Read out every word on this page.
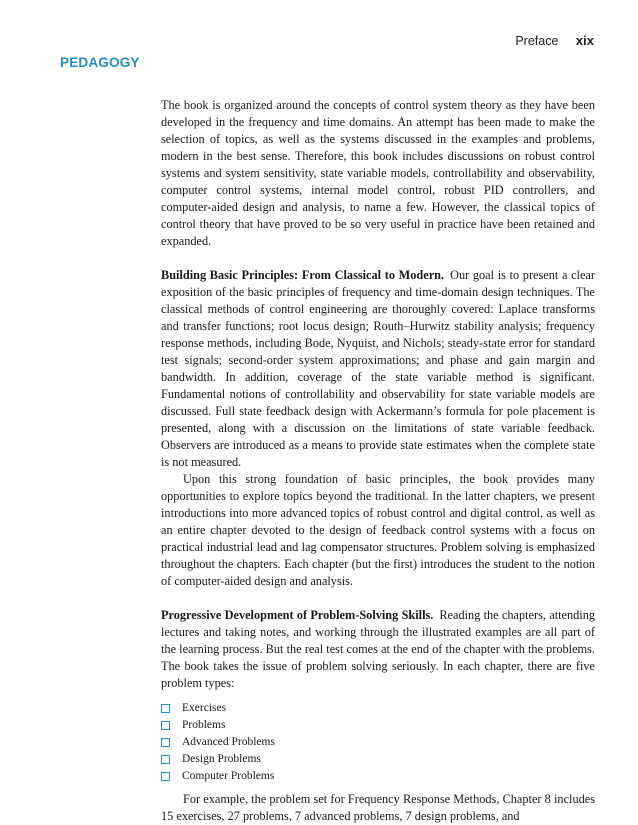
Preface xix
PEDAGOGY

The book is organized around the concepts of control system theory as they have been developed in the frequency and time domains. An attempt has been made to make the selection of topics, as well as the systems discussed in the examples and problems, modern in the best sense. Therefore, this book includes discussions on robust control systems and system sensitivity, state variable models, controllability and observability, computer control systems, internal model control, robust PID controllers, and computer-aided design and analysis, to name a few. However, the classical topics of control theory that have proved to be so very useful in practice have been retained and expanded.

Building Basic Principles: From Classical to Modern. Our goal is to present a clear exposition of the basic principles of frequency and time-domain design techniques. The classical methods of control engineering are thoroughly covered: Laplace transforms and transfer functions; root locus design; Routh–Hurwitz stability analysis; frequency response methods, including Bode, Nyquist, and Nichols; steady-state error for standard test signals; second-order system approximations; and phase and gain margin and bandwidth. In addition, coverage of the state variable method is significant. Fundamental notions of controllability and observability for state variable models are discussed. Full state feedback design with Ackermann’s formula for pole placement is presented, along with a discussion on the limitations of state variable feedback. Observers are introduced as a means to provide state estimates when the complete state is not measured.

Upon this strong foundation of basic principles, the book provides many opportunities to explore topics beyond the traditional. In the latter chapters, we present introductions into more advanced topics of robust control and digital control, as well as an entire chapter devoted to the design of feedback control systems with a focus on practical industrial lead and lag compensator structures. Problem solving is emphasized throughout the chapters. Each chapter (but the first) introduces the student to the notion of computer-aided design and analysis.

Progressive Development of Problem-Solving Skills. Reading the chapters, attending lectures and taking notes, and working through the illustrated examples are all part of the learning process. But the real test comes at the end of the chapter with the problems. The book takes the issue of problem solving seriously. In each chapter, there are five problem types:

Exercises
Problems
Advanced Problems
Design Problems
Computer Problems

For example, the problem set for Frequency Response Methods, Chapter 8 includes 15 exercises, 27 problems, 7 advanced problems, 7 design problems, and
